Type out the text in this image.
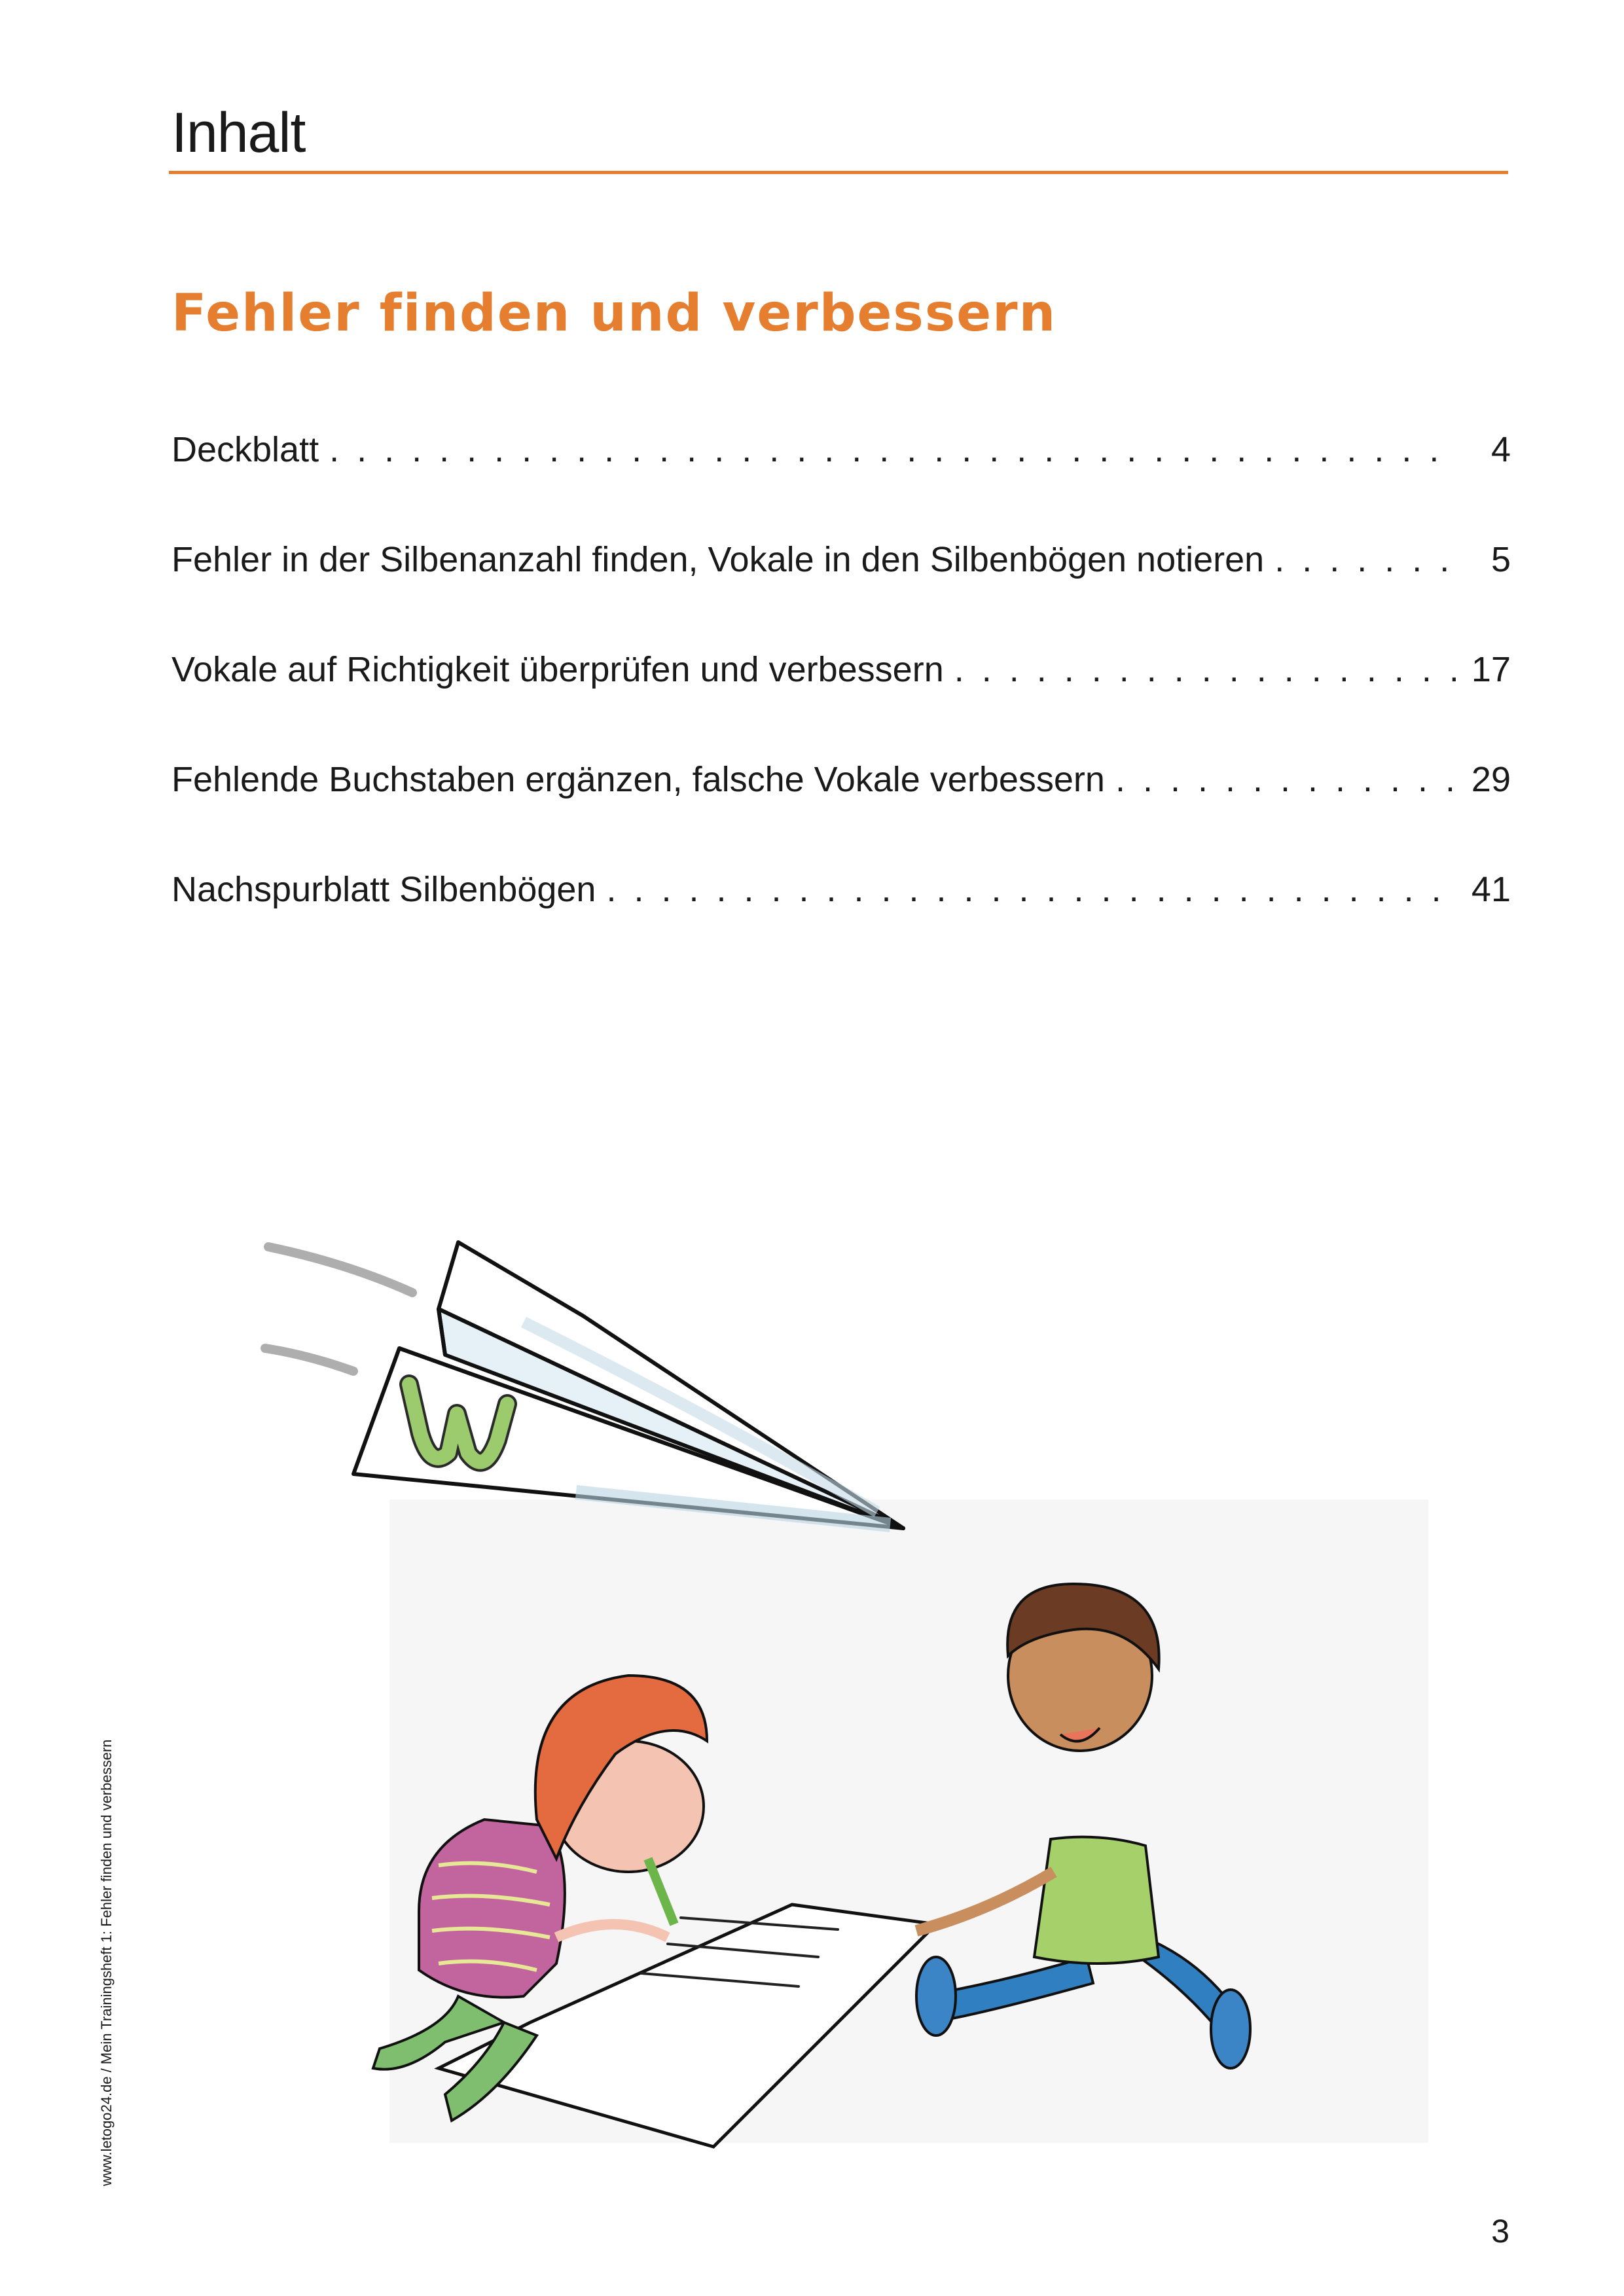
Inhalt
Fehler finden und verbessern
Deckblatt . . .	4
Fehler in der Silbenanzahl finden, Vokale in den Silbenbögen notieren . . .	5
Vokale auf Richtigkeit überprüfen und verbessern . . .	17
Fehlende Buchstaben ergänzen, falsche Vokale verbessern . . .	29
Nachspurblatt Silbenbögen . . .	41
www.letogo24.de / Mein Trainingsheft 1: Fehler finden und verbessern
3
